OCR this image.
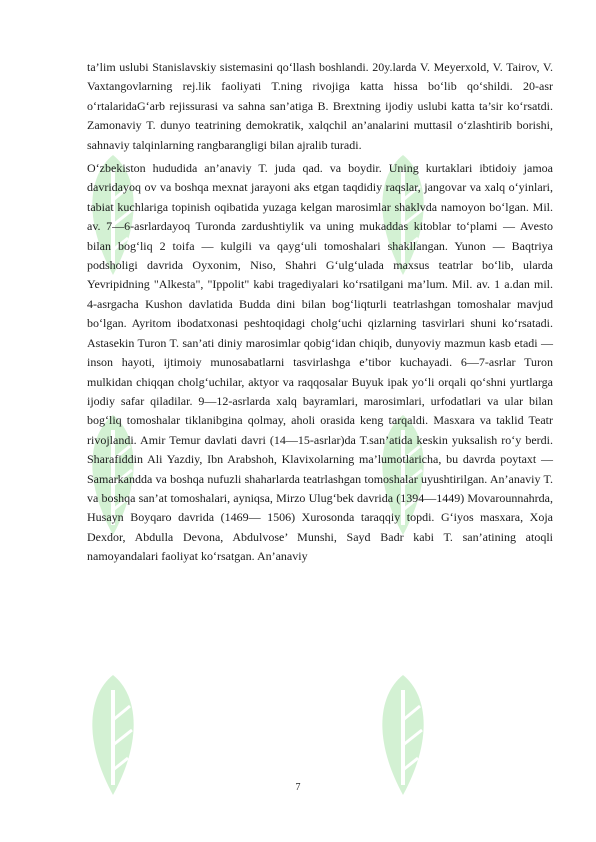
ta’lim uslubi Stanislavskiy sistemasini qo‘llash boshlandi. 20y.larda V. Meyerxold, V. Tairov, V. Vaxtangovlarning rej.lik faoliyati T.ning rivojiga katta hissa bo‘lib qo‘shildi. 20-asr o‘rtalaridaG‘arb rejissurasi va sahna san’atiga B. Brextning ijodiy uslubi katta ta’sir ko‘rsatdi. Zamonaviy T. dunyo teatrining demokratik, xalqchil an’analarini muttasil o‘zlashtirib borishi, sahnaviy talqinlarning rangbarangligi bilan ajralib turadi.

O‘zbekiston hududida an’anaviy T. juda qad. va boydir. Uning kurtaklari ibtidoiy jamoa davridayoq ov va boshqa mexnat jarayoni aks etgan taqdidiy raqslar, jangovar va xalq o‘yinlari, tabiat kuchlariga topinish oqibatida yuzaga kelgan marosimlar shaklvda namoyon bo‘lgan. Mil. av. 7—6-asrlardayoq Turonda zardushtiylik va uning mukaddas kitoblar to‘plami — Avesto bilan bog‘liq 2 toifa — kulgili va qayg‘uli tomoshalari shakllangan. Yunon — Baqtriya podsholigi davrida Oyxonim, Niso, Shahri G‘ulg‘ulada maxsus teatrlar bo‘lib, ularda Yevripidning "Alkesta", "Ippolit" kabi tragediyalari ko‘rsatilgani ma’lum. Mil. av. 1 a.dan mil. 4-asrgacha Kushon davlatida Budda dini bilan bog‘liqturli teatrlashgan tomoshalar mavjud bo‘lgan. Ayritom ibodatxonasi peshtoqidagi cholg‘uchi qizlarning tasvirlari shuni ko‘rsatadi. Astasekin Turon T. san’ati diniy marosimlar qobig‘idan chiqib, dunyoviy mazmun kasb etadi — inson hayoti, ijtimoiy munosabatlarni tasvirlashga e’tibor kuchayadi. 6—7-asrlar Turon mulkidan chiqqan cholg‘uchilar, aktyor va raqqosalar Buyuk ipak yo‘li orqali qo‘shni yurtlarga ijodiy safar qiladilar. 9—12-asrlarda xalq bayramlari, marosimlari, urfodatlari va ular bilan bog‘liq tomoshalar tiklanibgina qolmay, aholi orasida keng tarqaldi. Masxara va taklid Teatr rivojlandi. Amir Temur davlati davri (14—15-asrlar)da T.san’atida keskin yuksalish ro‘y berdi. Sharafiddin Ali Yazdiy, Ibn Arabshoh, Klavixolarning ma’lumotlaricha, bu davrda poytaxt — Samarkandda va boshqa nufuzli shaharlarda teatrlashgan tomoshalar uyushtirilgan. An’anaviy T. va boshqa san’at tomoshalari, ayniqsa, Mirzo Ulug‘bek davrida (1394—1449) Movarounnahrda, Husayn Boyqaro davrida (1469— 1506) Xurosonda taraqqiy topdi. G‘iyos masxara, Xoja Dexdor, Abdulla Devona, Abdulvose’ Munshi, Sayd Badr kabi T. san’atining atoqli namoyandalari faoliyat ko‘rsatgan. An’anaviy

7
